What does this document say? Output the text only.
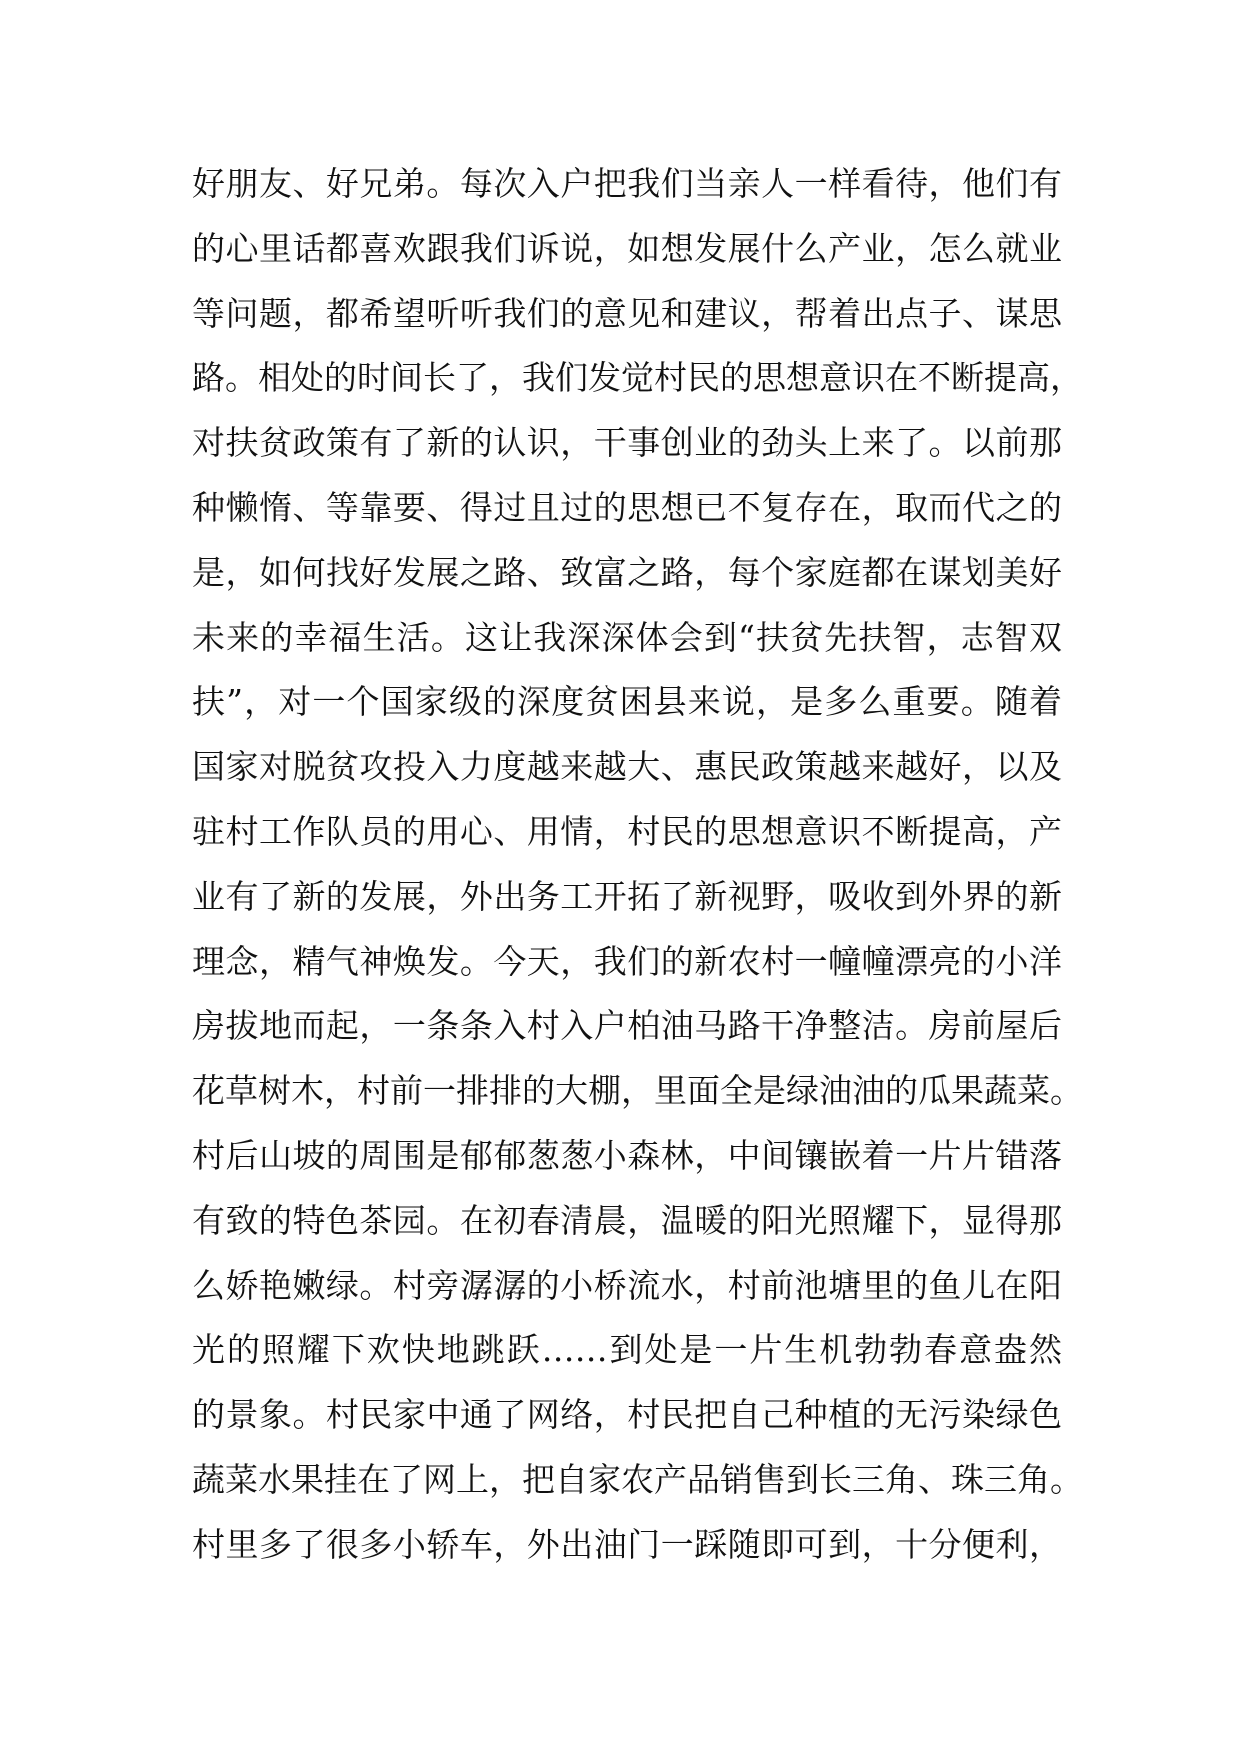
好朋友、好兄弟。每次入户把我们当亲人一样看待，他们有
的心里话都喜欢跟我们诉说，如想发展什么产业，怎么就业
等问题，都希望听听我们的意见和建议，帮着出点子、谋思
路。相处的时间长了，我们发觉村民的思想意识在不断提高，
对扶贫政策有了新的认识，干事创业的劲头上来了。以前那
种懒惰、等靠要、得过且过的思想已不复存在，取而代之的
是，如何找好发展之路、致富之路，每个家庭都在谋划美好
未来的幸福生活。这让我深深体会到“扶贫先扶智，志智双
扶”，对一个国家级的深度贫困县来说，是多么重要。随着
国家对脱贫攻投入力度越来越大、惠民政策越来越好，以及
驻村工作队员的用心、用情，村民的思想意识不断提高，产
业有了新的发展，外出务工开拓了新视野，吸收到外界的新
理念，精气神焕发。今天，我们的新农村一幢幢漂亮的小洋
房拔地而起，一条条入村入户柏油马路干净整洁。房前屋后
花草树木，村前一排排的大棚，里面全是绿油油的瓜果蔬菜。
村后山坡的周围是郁郁葱葱小森林，中间镶嵌着一片片错落
有致的特色茶园。在初春清晨，温暖的阳光照耀下，显得那
么娇艳嫩绿。村旁潺潺的小桥流水，村前池塘里的鱼儿在阳
光的照耀下欢快地跳跃……到处是一片生机勃勃春意盎然
的景象。村民家中通了网络，村民把自己种植的无污染绿色
蔬菜水果挂在了网上，把自家农产品销售到长三角、珠三角。
村里多了很多小轿车，外出油门一踩随即可到，十分便利，
